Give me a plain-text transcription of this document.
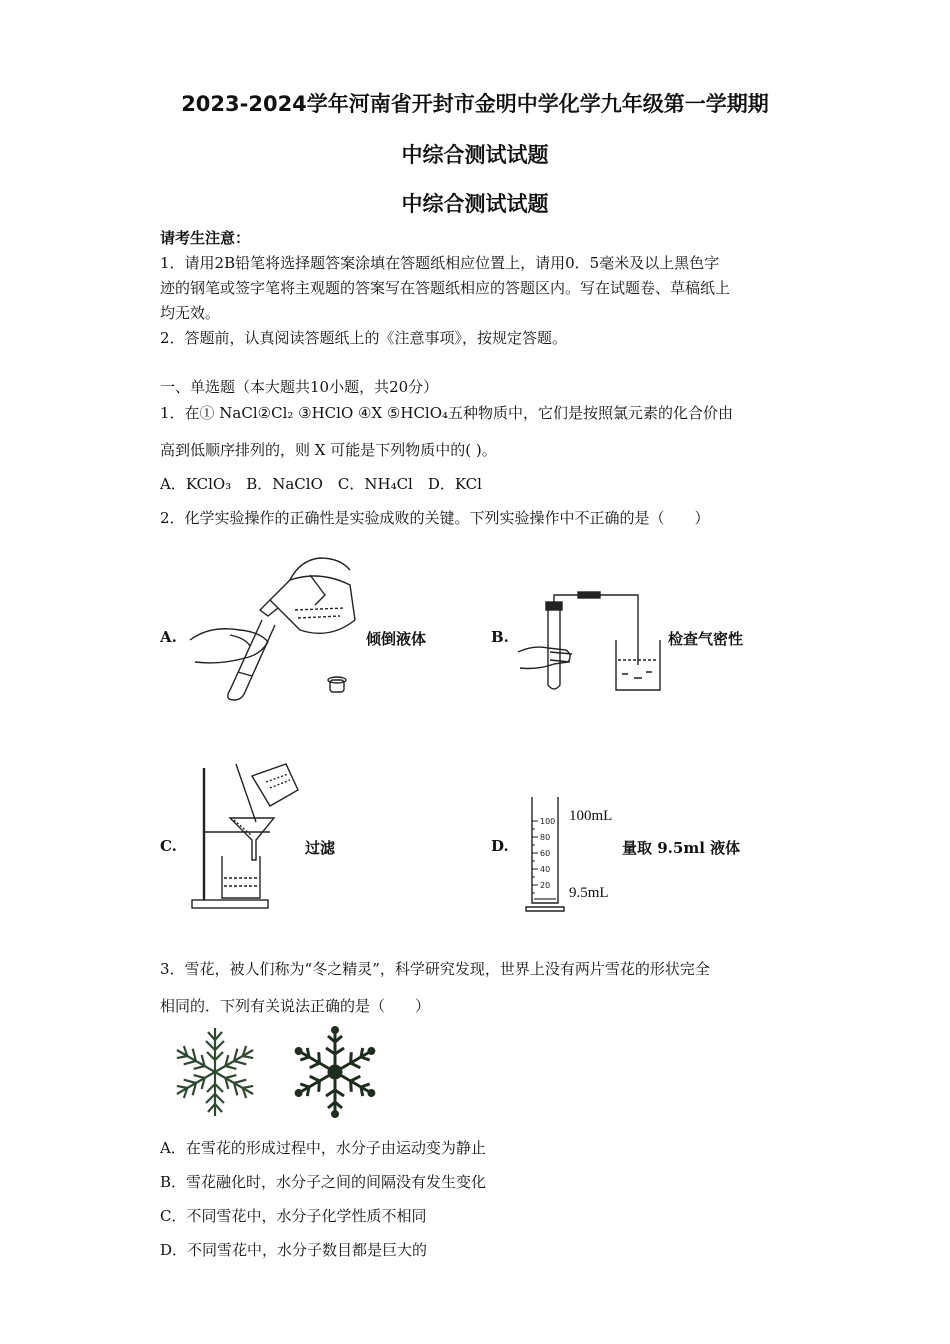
2023-2024学年河南省开封市金明中学化学九年级第一学期期
中综合测试试题
中综合测试试题
请考生注意：
1．请用2B铅笔将选择题答案涂填在答题纸相应位置上，请用0．5毫米及以上黑色字
迹的钢笔或签字笔将主观题的答案写在答题纸相应的答题区内。写在试题卷、草稿纸上
均无效。
2．答题前，认真阅读答题纸上的《注意事项》，按规定答题。
一、单选题（本大题共10小题，共20分）
1．在① NaCl②Cl₂ ③HClO ④X ⑤HClO₄五种物质中，它们是按照氯元素的化合价由
高到低顺序排列的，则 X 可能是下列物质中的( )。
A．KClO₃　B．NaClO　C．NH₄Cl　D．KCl
2．化学实验操作的正确性是实验成败的关键。下列实验操作中不正确的是（　　）
A.	倾倒液体	B.	检查气密性
C.	过滤	D.
100
80
60
40
20
100mL
9.5mL
量取 9.5ml 液体
3．雪花，被人们称为“冬之精灵”，科学研究发现，世界上没有两片雪花的形状完全
相同的．下列有关说法正确的是（　　）
A．在雪花的形成过程中，水分子由运动变为静止
B．雪花融化时，水分子之间的间隔没有发生变化
C．不同雪花中，水分子化学性质不相同
D．不同雪花中，水分子数目都是巨大的
